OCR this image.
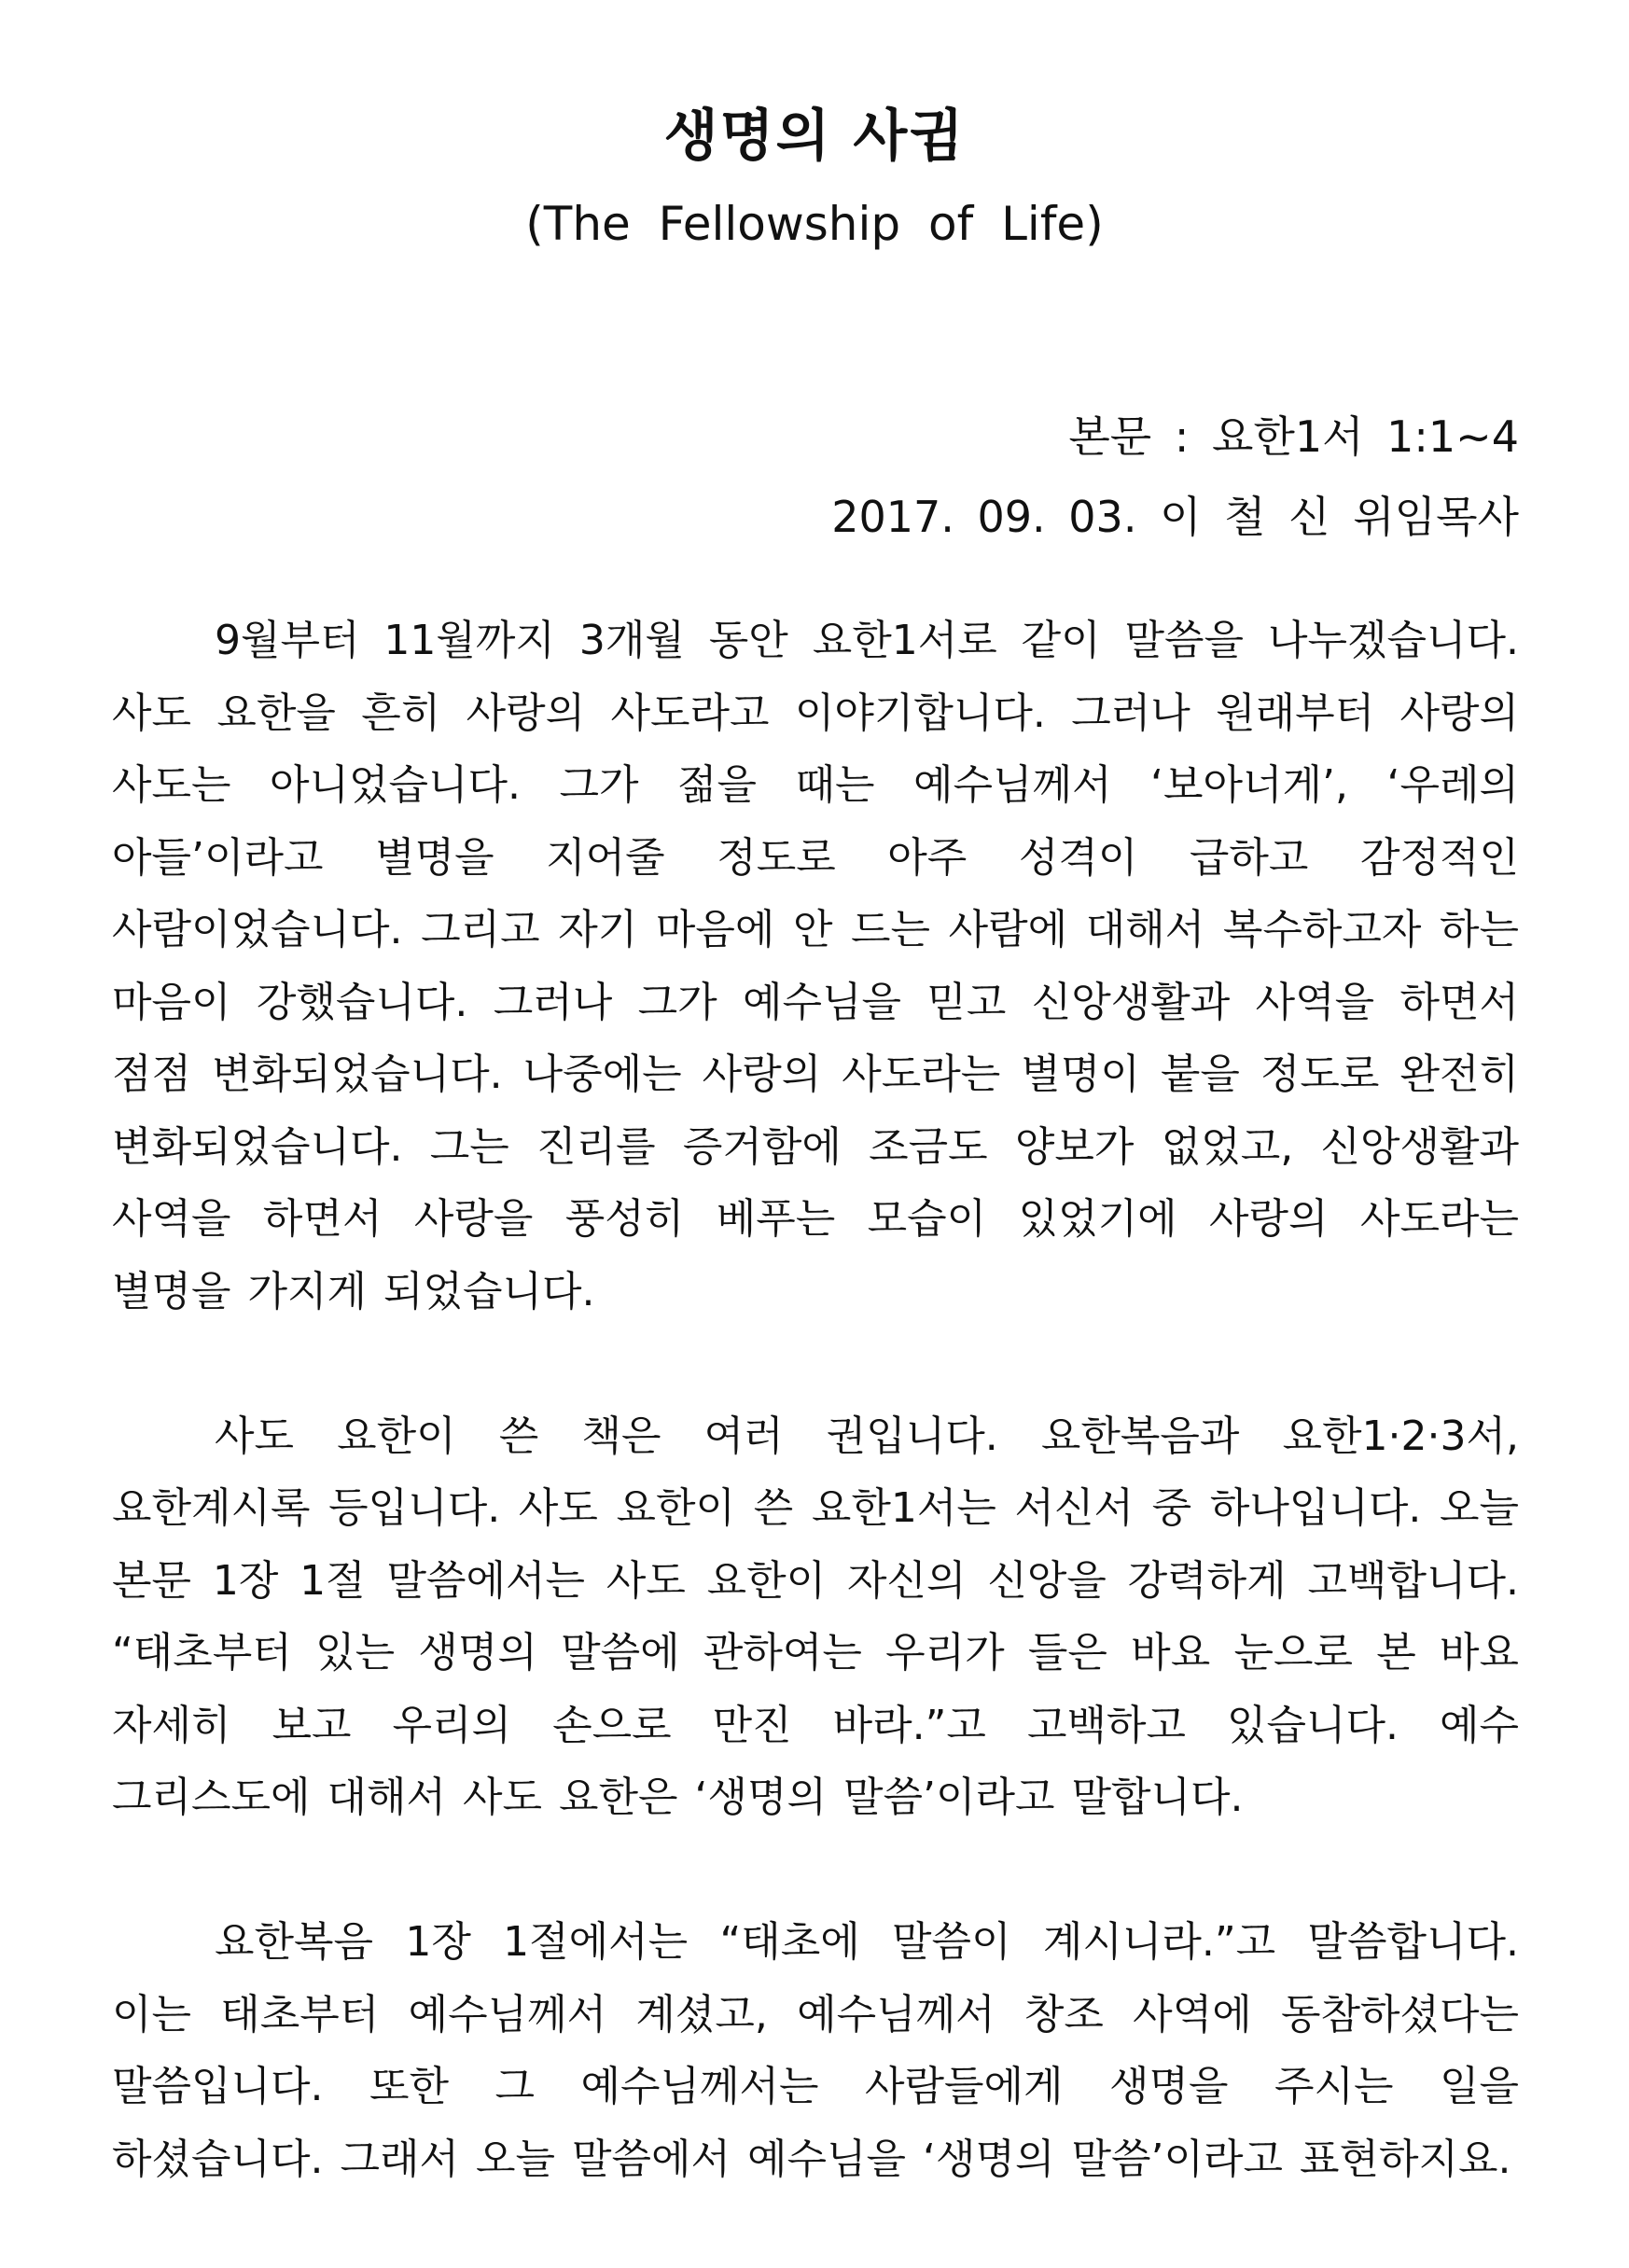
생명의 사귐
(The Fellowship of Life)
본문 : 요한1서 1:1~4
2017. 09. 03. 이 철 신 위임목사

9월부터 11월까지 3개월 동안 요한1서로 같이 말씀을 나누겠습니다. 사도 요한을 흔히 사랑의 사도라고 이야기합니다. 그러나 원래부터 사랑의 사도는 아니었습니다. 그가 젊을 때는 예수님께서 ‘보아너게’, ‘우레의 아들’이라고 별명을 지어줄 정도로 아주 성격이 급하고 감정적인 사람이었습니다. 그리고 자기 마음에 안 드는 사람에 대해서 복수하고자 하는 마음이 강했습니다. 그러나 그가 예수님을 믿고 신앙생활과 사역을 하면서 점점 변화되었습니다. 나중에는 사랑의 사도라는 별명이 붙을 정도로 완전히 변화되었습니다. 그는 진리를 증거함에 조금도 양보가 없었고, 신앙생활과 사역을 하면서 사랑을 풍성히 베푸는 모습이 있었기에 사랑의 사도라는 별명을 가지게 되었습니다.

사도 요한이 쓴 책은 여러 권입니다. 요한복음과 요한1·2·3서, 요한계시록 등입니다. 사도 요한이 쓴 요한1서는 서신서 중 하나입니다. 오늘 본문 1장 1절 말씀에서는 사도 요한이 자신의 신앙을 강력하게 고백합니다. “태초부터 있는 생명의 말씀에 관하여는 우리가 들은 바요 눈으로 본 바요 자세히 보고 우리의 손으로 만진 바라.”고 고백하고 있습니다. 예수 그리스도에 대해서 사도 요한은 ‘생명의 말씀’이라고 말합니다.

요한복음 1장 1절에서는 “태초에 말씀이 계시니라.”고 말씀합니다. 이는 태초부터 예수님께서 계셨고, 예수님께서 창조 사역에 동참하셨다는 말씀입니다. 또한 그 예수님께서는 사람들에게 생명을 주시는 일을 하셨습니다. 그래서 오늘 말씀에서 예수님을 ‘생명의 말씀’이라고 표현하지요.
